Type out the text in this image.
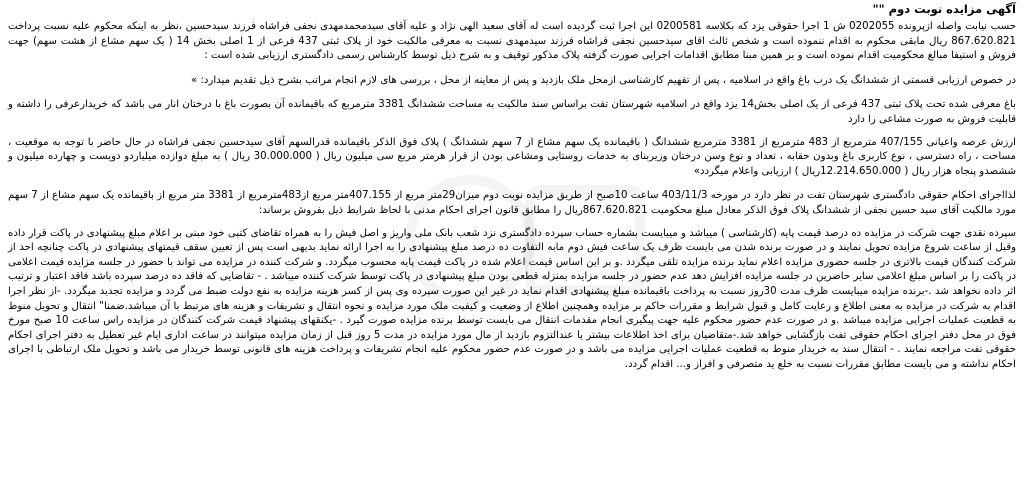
آگهی مزایده نوبت دوم ""

حسب نیابت واصله ازپرونده 0202055 ش 1 اجرا حقوقی یزد که بکلاسه 0200581 این اجرا ثبت گردیده است له آقای سعید الهی نژاد و علیه آقای سیدمحمدمهدی نجفی فراشاه فرزند سیدحسین ،نظر به اینکه محکوم علیه نسبت پرداخت 867.620.821 ریال مابقی محکوم به اقدام ننموده است و شخص ثالث اقای سیدحسین نجفی فراشاه فرزند سیدمهدی نسبت به معرفی مالکیت خود از پلاک ثبتی 437 فرعی از 1 اصلی بخش 14 ( یک سهم مشاع از هشت سهم) جهت فروش و استیفا مبالغ محکومیت اقدام نموده است و بر همین مبنا مطابق اقدامات اجرایی صورت گرفته پلاک مذکور توقیف و به شرح ذیل توسط کارشناس رسمی دادگستری ارزیابی شده است :

در خصوص ارزیابی قسمتی از ششدانگ یک درب باغ واقع در اسلامیه ، پس از تفهیم کارشناسی ازمحل ملک بازدید و پس از معاینه از محل ، بررسی های لازم انجام مراتب بشرح ذیل تقدیم میدارد: »

باغ معرفی شده تحت پلاک ثبتی 437 فرعی از یک اصلی بخش14 یزد واقع در اسلامیه شهرستان تفت براساس سند مالکیت به مساحت ششدانگ 3381 مترمربع که باقیمانده آن بصورت باغ با درختان انار می باشد که خریدارعرفی را داشته و قابلیت فروش به صورت مشاعی را دارد

ارزش عرصه واعیانی 407/155 مترمربع از 483 مترمربع از 3381 مترمربع ششدانگ ( باقیمانده یک سهم مشاع از 7 سهم ششدانگ ) پلاک فوق الذکر باقیمانده قدرالسهم آقای سیدحسین نجفی فراشاه در حال حاضر با توجه به موقعیت ، مساحت ، راه دسترسی ، نوع کاربری باغ وبدون حقابه ، تعداد و نوع وسن درختان وزیربنای به خدمات روستایی ومشاعی بودن از قرار هرمتر مربع سی میلیون ریال ( 30.000.000 ریال ) به مبلغ دوازده میلیاردو دویست و چهارده میلیون و ششصدو پنجاه هزار ریال ( 12.214.650.000ریال ) ارزیابی واعلام میگردد»

لذااجرای احکام حقوقی دادگستری شهرستان تفت در نظر دارد در مورخه 403/11/3 ساعت 10صبح از طریق مزایده نوبت دوم میزان29متر مربع از 407.155متر مربع از483مترمربع از 3381 متر مربع از باقیمانده یک سهم مشاع از 7 سهم مورد مالکیت آقای سید حسین نجفی از ششدانگ پلاک فوق الذکر معادل مبلغ محکومیت 867.620.821ریال را مطابق قانون اجرای احکام مدنی با لحاظ شرایط ذیل بفروش برساند:

سپرده نقدی جهت شرکت در مزایده ده درصد قیمت پایه (کارشناسی ) میباشد و میبایست بشماره حساب سپرده دادگستری نزد شعب بانک ملی واریز و اصل فیش را به همراه تقاضای کتبی خود مبنی بر اعلام مبلغ پیشنهادی در پاکت قرار داده وقبل از ساعت شروع مزایده تحویل نمایند و در صورت برنده شدن می بایست ظرف یک ساعت فیش دوم مابه التفاوت ده درصد مبلغ پیشنهادی را به اجرا ارائه نماید بدیهی است پس از تعیین سقف قیمتهای پیشنهادی در پاکت چنانچه احد از شرکت کنندگان قیمت بالاتری در جلسه حضوری مزایده اعلام نماید برنده مزایده تلقی میگردد .و بر این اساس قیمت اعلام شده در پاکت قیمت پایه محسوب میگردد. و شرکت کننده در مزایده می تواند با حضور در جلسه مزایده قیمت اعلامی در پاکت را بر اساس مبلغ اعلامی سایر حاضرین در جلسه مزایده افزایش دهد عدم حضور در جلسه مزایده بمنزله قطعی بودن مبلغ پیشنهادی در پاکت توسط شرکت کننده میباشد . - تقاضایی که فاقد ده درصد سپرده باشد فاقد اعتبار و ترتیب اثر داده نخواهد شد .-برنده مزایده میبایست ظرف مدت 30روز نسبت به پرداخت باقیمانده مبلغ پیشنهادی اقدام نماید در غیر این صورت سپرده وی پس از کسر هزینه مزایده به نفع دولت ضبط می گردد و مزایده تجدید میگردد. -از نظر اجرا اقدام به شرکت در مزایده به معنی اطلاع و رعایت کامل و قبول شرایط و مقررات حاکم بر مزایده وهمچنین اطلاع از وضعیت و کیفیت ملک مورد مزایده و نحوه انتقال و تشریفات و هزینه های مرتبط با آن میباشد.ضمنا" انتقال و تحویل منوط به قطعیت عملیات اجرایی مزایده میباشد .و در صورت عدم حضور محکوم علیه جهت پیگیری انجام مقدمات انتقال می بایست توسط برنده مزایده صورت گیرد . -یکنقهای پیشنهاد قیمت شرکت کنندگان در مزایده راس ساعت 10 صبح مورخ فوق در محل دفتر اجرای احکام حقوقی تفت بازگشایی خواهد شد.-متقاضیان برای اخذ اطلاعات بیشتر یا عندالتزوم بازدید از مال مورد مزایده در مدت 5 روز قبل از زمان مزایده میتوانند در ساعت اداری ایام غیر تعطیل به دفتر اجرای احکام حقوقی تفت مراجعه نمایند . - انتقال سند به خریدار منوط به قطعیت عملیات اجرایی مزایده می باشد و در صورت عدم حضور محکوم علیه انجام تشریفات و پرداخت هزینه های قانونی توسط خریدار می باشد و تحویل ملک ارتباطی با اجرای احکام نداشته و می بایست مطابق مقررات نسبت به خلع ید متصرفی و افراز و... اقدام گردد.
